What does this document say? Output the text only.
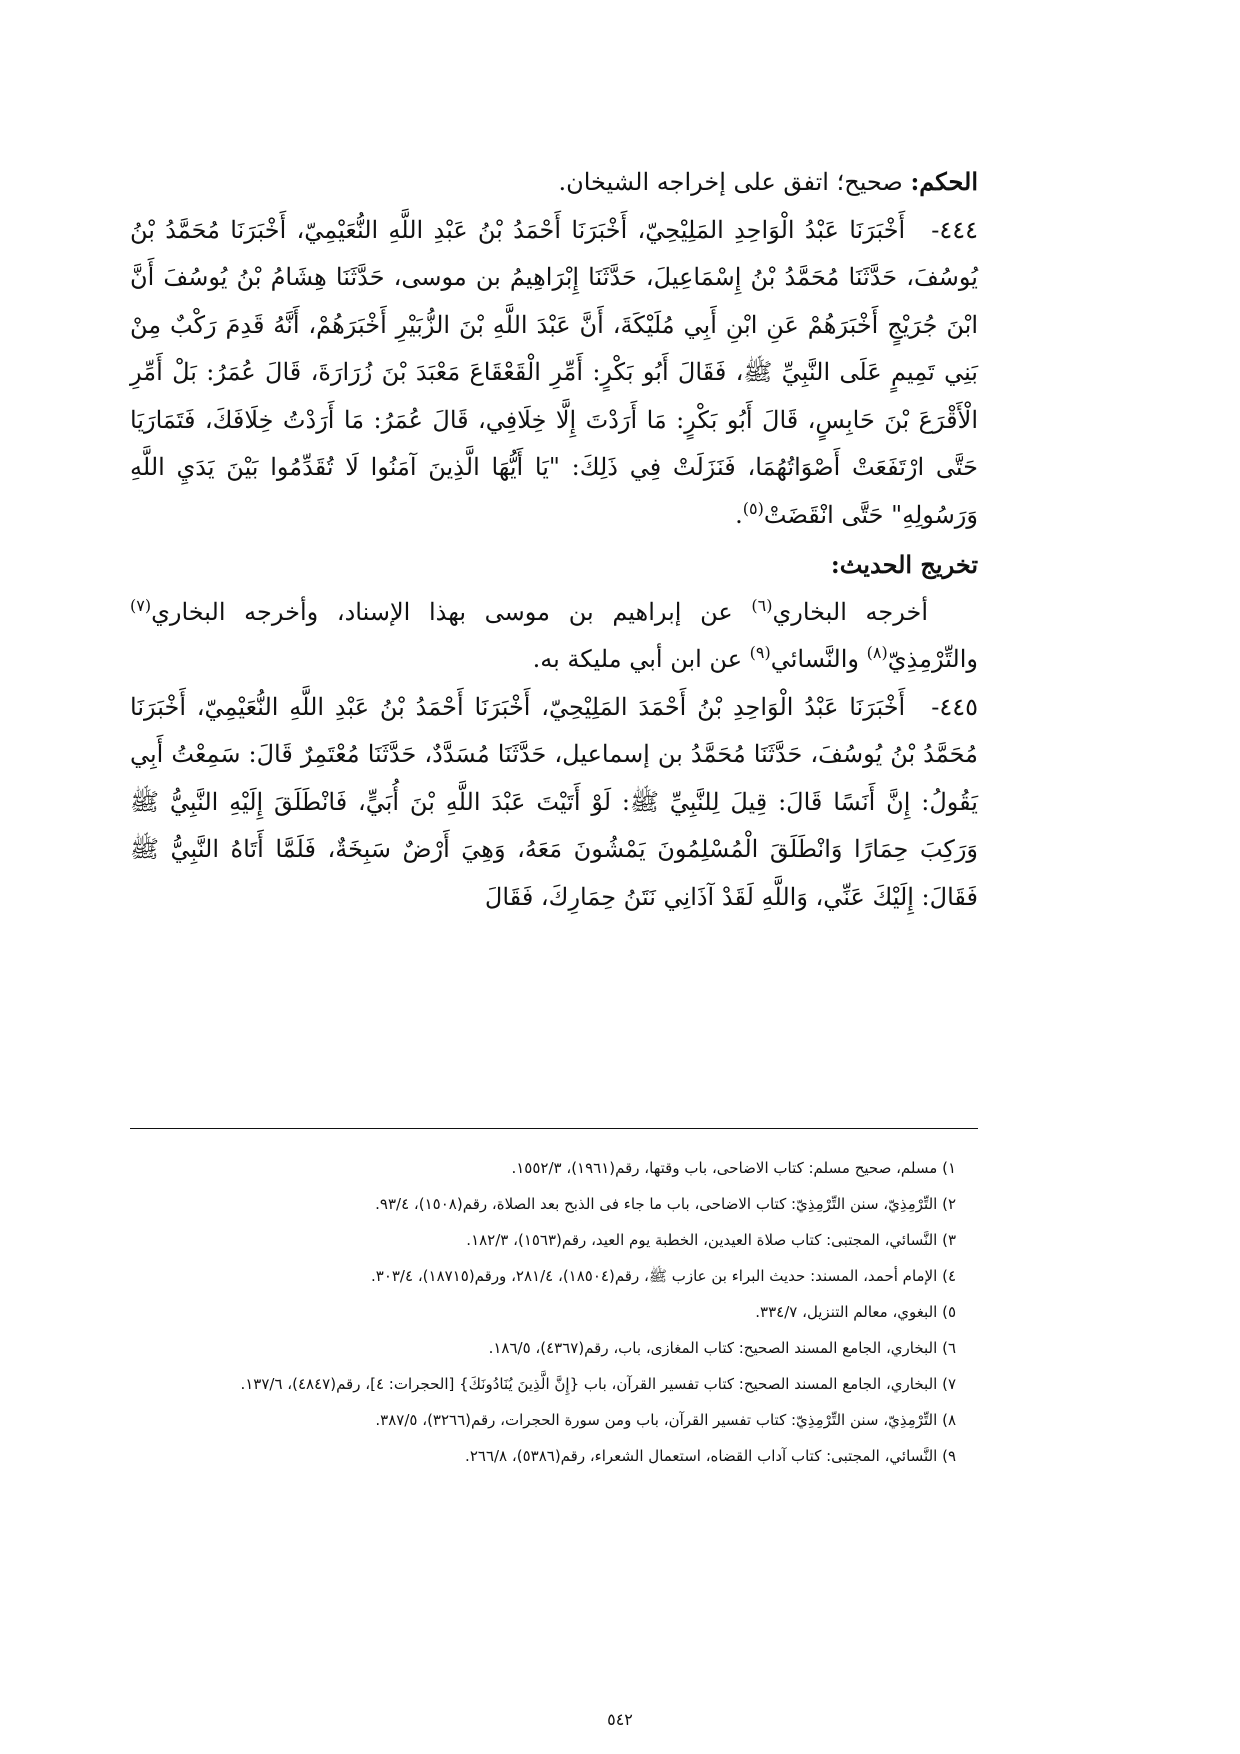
الحكم: صحيح؛ اتفق على إخراجه الشيخان.

٤٤٤-أَخْبَرَنَا عَبْدُ الْوَاحِدِ المَلِيْحِيّ، أَخْبَرَنَا أَحْمَدُ بْنُ عَبْدِ اللَّهِ النُّعَيْمِيّ، أَخْبَرَنَا مُحَمَّدُ بْنُ يُوسُفَ، حَدَّثَنَا مُحَمَّدُ بْنُ إِسْمَاعِيلَ، حَدَّثَنَا إِبْرَاهِيمُ بن موسى، حَدَّثَنَا هِشَامُ بْنُ يُوسُفَ أَنَّ ابْنَ جُرَيْجٍ أَخْبَرَهُمْ عَنِ ابْنِ أَبِي مُلَيْكَةَ، أَنَّ عَبْدَ اللَّهِ بْنَ الزُّبَيْرِ أَخْبَرَهُمْ، أَنَّهُ قَدِمَ رَكْبٌ مِنْ بَنِي تَمِيمٍ عَلَى النَّبِيِّ ﷺ، فَقَالَ أَبُو بَكْرٍ: أَمِّرِ الْقَعْقَاعَ مَعْبَدَ بْنَ زُرَارَةَ، قَالَ عُمَرُ: بَلْ أَمِّرِ الْأَقْرَعَ بْنَ حَابِسٍ، قَالَ أَبُو بَكْرٍ: مَا أَرَدْتَ إِلَّا خِلَافِي، قَالَ عُمَرُ: مَا أَرَدْتُ خِلَافَكَ، فَتَمَارَيَا حَتَّى ارْتَفَعَتْ أَصْوَاتُهُمَا، فَنَزَلَتْ فِي ذَلِكَ: "يَا أَيُّهَا الَّذِينَ آمَنُوا لَا تُقَدِّمُوا بَيْنَ يَدَيِ اللَّهِ وَرَسُولِهِ" حَتَّى انْقَضَتْ$^{(٥)}$.

تخريج الحديث:

أخرجه البخاري$^{(٦)}$ عن إبراهيم بن موسى بهذا الإسناد، وأخرجه البخاري$^{(٧)}$ والتِّرْمِذِيّ$^{(٨)}$ والنَّسائي$^{(٩)}$ عن ابن أبي مليكة به.

٤٤٥-أَخْبَرَنَا عَبْدُ الْوَاحِدِ بْنُ أَحْمَدَ المَلِيْحِيّ، أَخْبَرَنَا أَحْمَدُ بْنُ عَبْدِ اللَّهِ النُّعَيْمِيّ، أَخْبَرَنَا مُحَمَّدُ بْنُ يُوسُفَ، حَدَّثَنَا مُحَمَّدُ بن إسماعيل، حَدَّثَنَا مُسَدَّدٌ، حَدَّثَنَا مُعْتَمِرٌ قَالَ: سَمِعْتُ أَبِي يَقُولُ: إِنَّ أَنَسًا قَالَ: قِيلَ لِلنَّبِيِّ ﷺ: لَوْ أَتَيْتَ عَبْدَ اللَّهِ بْنَ أُبَيٍّ، فَانْطَلَقَ إِلَيْهِ النَّبِيُّ ﷺ وَرَكِبَ حِمَارًا وَانْطَلَقَ الْمُسْلِمُونَ يَمْشُونَ مَعَهُ، وَهِيَ أَرْضٌ سَبِخَةٌ، فَلَمَّا أَتَاهُ النَّبِيُّ ﷺ فَقَالَ: إِلَيْكَ عَنِّي، وَاللَّهِ لَقَدْ آذَانِي نَتَنُ حِمَارِكَ، فَقَالَ

١) مسلم، صحيح مسلم: كتاب الاضاحى، باب وقتها، رقم(١٩٦١)، ١٥٥٢/٣.

٢) التِّرْمِذِيّ، سنن التِّرْمِذِيّ: كتاب الاضاحى، باب ما جاء فى الذبح بعد الصلاة، رقم(١٥٠٨)، ٩٣/٤.

٣) النَّسائي، المجتبى: كتاب صلاة العيدين، الخطبة يوم العيد، رقم(١٥٦٣)، ١٨٢/٣.

٤) الإمام أحمد، المسند: حديث البراء بن عازب ﷺ، رقم(١٨٥٠٤)، ٢٨١/٤، ورقم(١٨٧١٥)، ٣٠٣/٤.

٥) البغوي، معالم التنزيل، ٣٣٤/٧.

٦) البخاري، الجامع المسند الصحيح: كتاب المغازى، باب، رقم(٤٣٦٧)، ١٨٦/٥.

٧) البخاري، الجامع المسند الصحيح: كتاب تفسير القرآن، باب {إِنَّ الَّذِينَ يُنَادُونَكَ} [الحجرات: ٤]، رقم(٤٨٤٧)، ١٣٧/٦.

٨) التِّرْمِذِيّ، سنن التِّرْمِذِيّ: كتاب تفسير القرآن، باب ومن سورة الحجرات، رقم(٣٢٦٦)، ٣٨٧/٥.

٩) النَّسائي، المجتبى: كتاب آداب القضاه، استعمال الشعراء، رقم(٥٣٨٦)، ٢٦٦/٨.

٥٤٢
